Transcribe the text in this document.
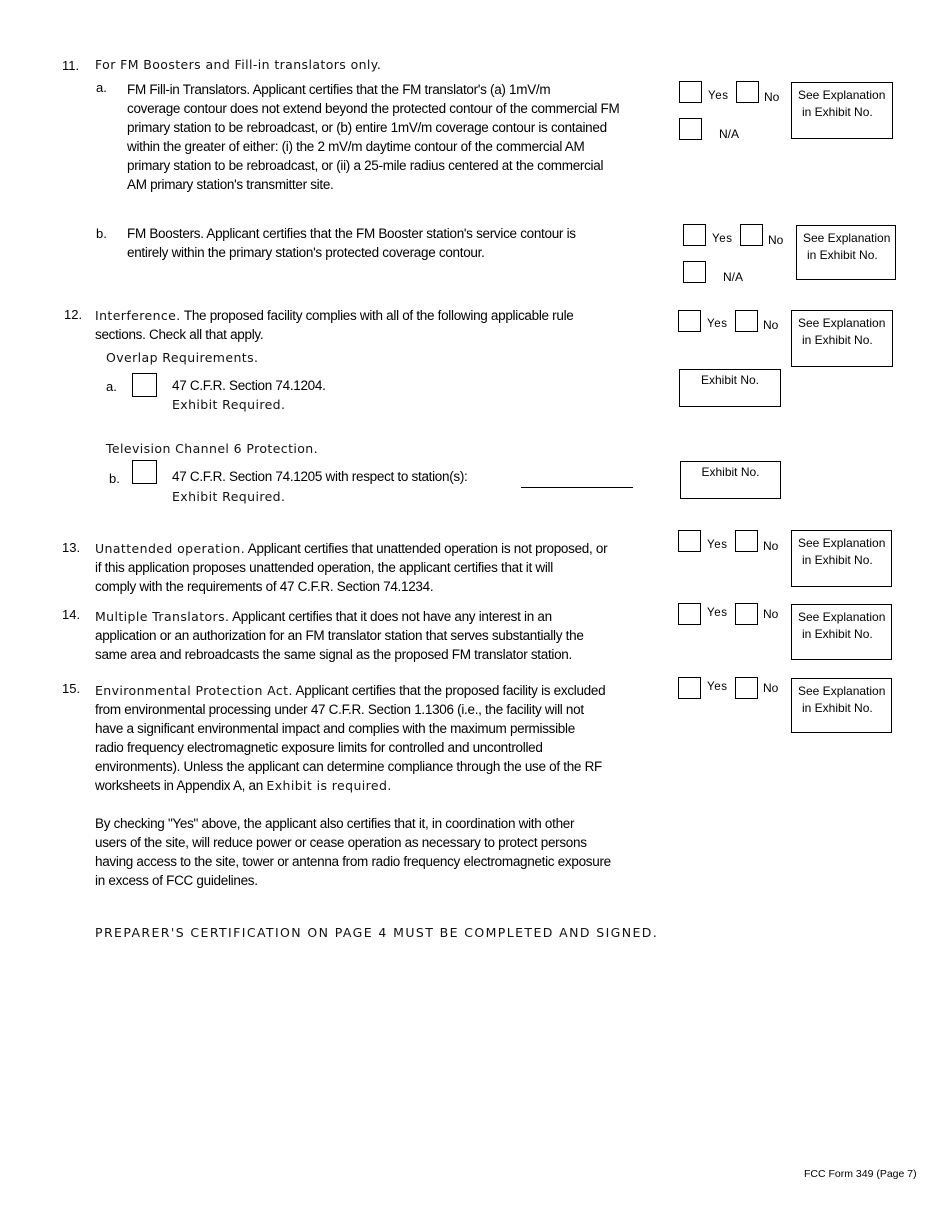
11. For FM Boosters and Fill-in translators only.
a. FM Fill-in Translators. Applicant certifies that the FM translator's (a) 1mV/m
coverage contour does not extend beyond the protected contour of the commercial FM
primary station to be rebroadcast, or (b) entire 1mV/m coverage contour is contained
within the greater of either: (i) the 2 mV/m daytime contour of the commercial AM
primary station to be rebroadcast, or (ii) a 25-mile radius centered at the commercial
AM primary station's transmitter site.
Yes	No
N/A
See Explanation
in Exhibit No.
b. FM Boosters. Applicant certifies that the FM Booster station's service contour is
entirely within the primary station's protected coverage contour.
Yes	No
N/A
See Explanation
in Exhibit No.
12. Interference. The proposed facility complies with all of the following applicable rule
sections. Check all that apply.
Yes	No See Explanation
in Exhibit No.
Overlap Requirements.
a.	47 C.F.R. Section 74.1204.
Exhibit Required.
Exhibit No.
Television Channel 6 Protection.
b.	47 C.F.R. Section 74.1205 with respect to station(s):
Exhibit Required.
Exhibit No.
13. Unattended operation. Applicant certifies that unattended operation is not proposed, or
if this application proposes unattended operation, the applicant certifies that it will
comply with the requirements of 47 C.F.R. Section 74.1234.
Yes	No See Explanation
in Exhibit No.
14. Multiple Translators. Applicant certifies that it does not have any interest in an
application or an authorization for an FM translator station that serves substantially the
same area and rebroadcasts the same signal as the proposed FM translator station.
Yes	No See Explanation
in Exhibit No.
15. Environmental Protection Act. Applicant certifies that the proposed facility is excluded
from environmental processing under 47 C.F.R. Section 1.1306 (i.e., the facility will not
have a significant environmental impact and complies with the maximum permissible
radio frequency electromagnetic exposure limits for controlled and uncontrolled
environments). Unless the applicant can determine compliance through the use of the RF
worksheets in Appendix A, an Exhibit is required.
Yes	No See Explanation
in Exhibit No.
By checking "Yes" above, the applicant also certifies that it, in coordination with other
users of the site, will reduce power or cease operation as necessary to protect persons
having access to the site, tower or antenna from radio frequency electromagnetic exposure
in excess of FCC guidelines.
PREPARER'S CERTIFICATION ON PAGE 4 MUST BE COMPLETED AND SIGNED.
FCC Form 349 (Page 7)
